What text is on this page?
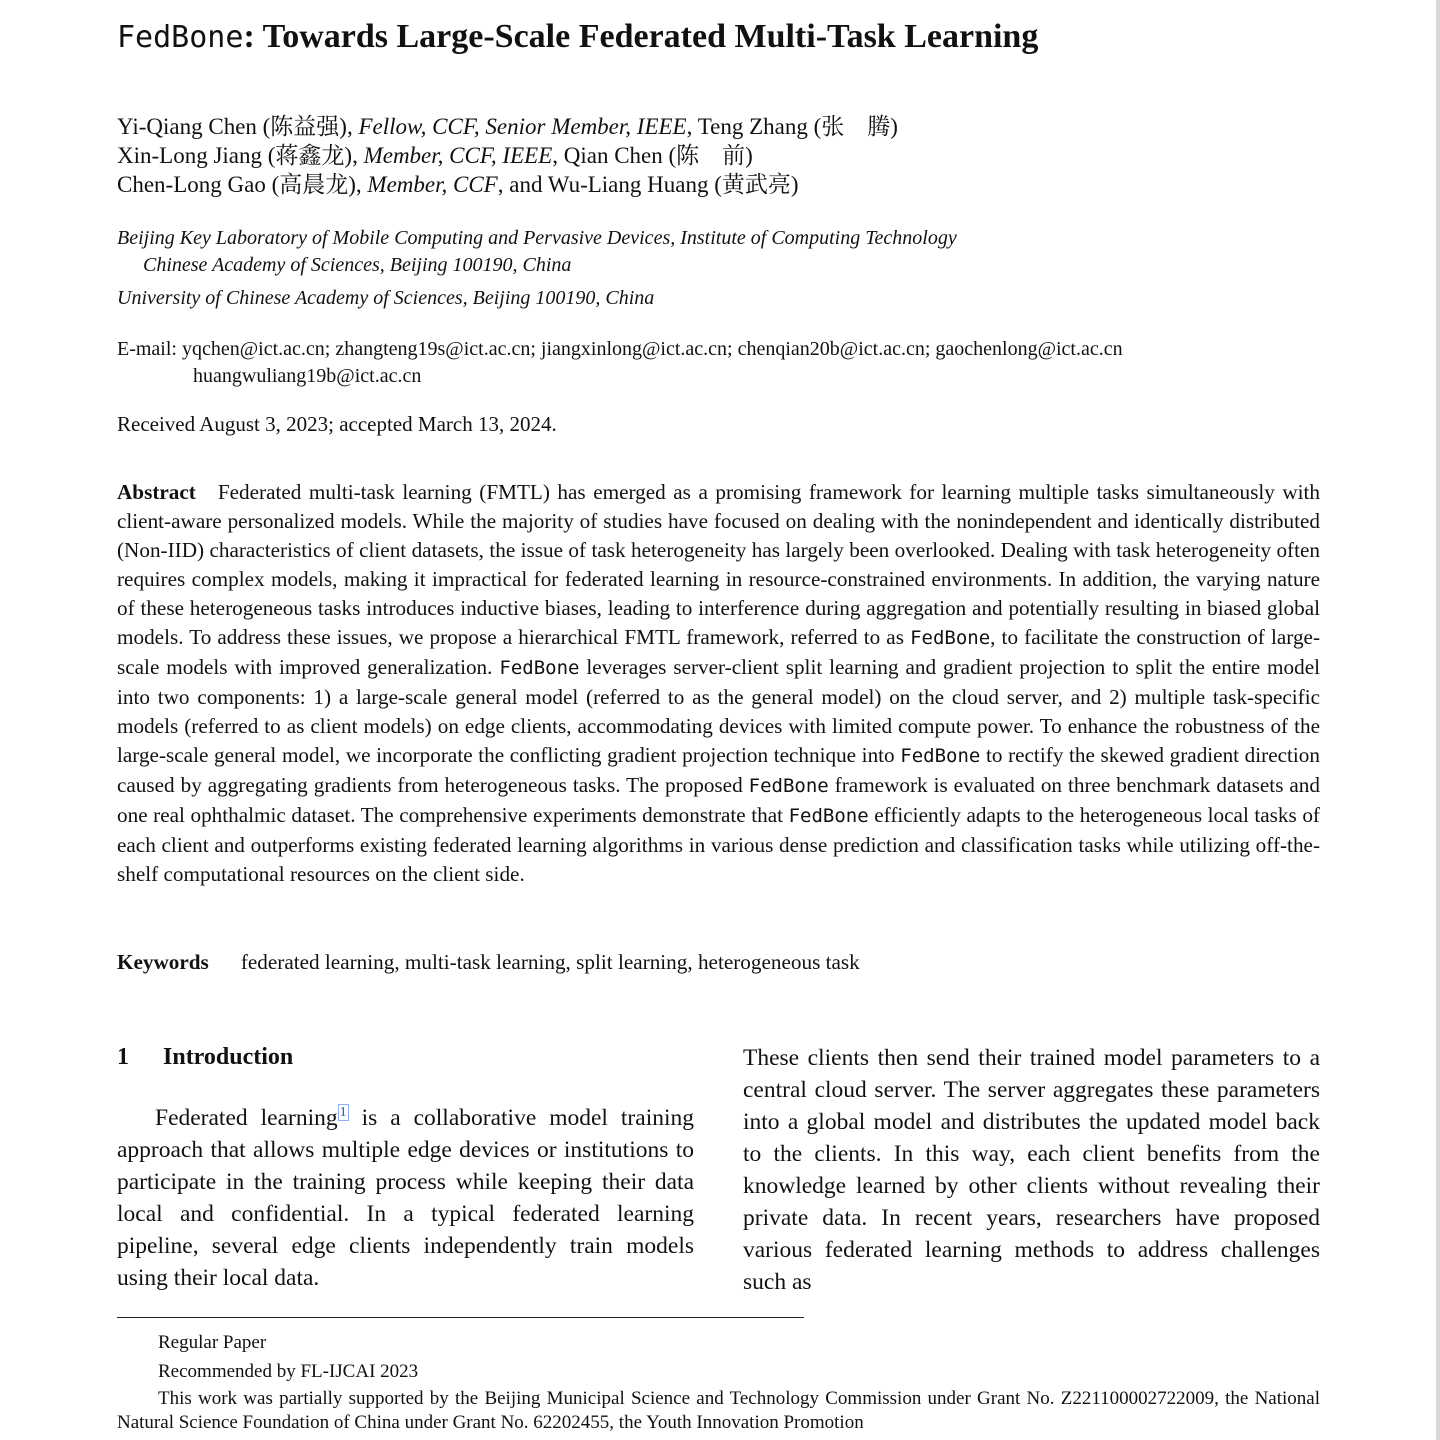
FedBone: Towards Large-Scale Federated Multi-Task Learning
Yi-Qiang Chen (陈益强), Fellow, CCF, Senior Member, IEEE, Teng Zhang (张　腾)
Xin-Long Jiang (蒋鑫龙), Member, CCF, IEEE, Qian Chen (陈　前)
Chen-Long Gao (高晨龙), Member, CCF, and Wu-Liang Huang (黄武亮)
Beijing Key Laboratory of Mobile Computing and Pervasive Devices, Institute of Computing Technology
Chinese Academy of Sciences, Beijing 100190, China
University of Chinese Academy of Sciences, Beijing 100190, China
E-mail: yqchen@ict.ac.cn; zhangteng19s@ict.ac.cn; jiangxinlong@ict.ac.cn; chenqian20b@ict.ac.cn; gaochenlong@ict.ac.cn
huangwuliang19b@ict.ac.cn
Received August 3, 2023; accepted March 13, 2024.
Abstract Federated multi-task learning (FMTL) has emerged as a promising framework for learning multiple tasks simultaneously with client-aware personalized models. While the majority of studies have focused on dealing with the nonindependent and identically distributed (Non-IID) characteristics of client datasets, the issue of task heterogeneity has largely been overlooked. Dealing with task heterogeneity often requires complex models, making it impractical for federated learning in resource-constrained environments. In addition, the varying nature of these heterogeneous tasks introduces inductive biases, leading to interference during aggregation and potentially resulting in biased global models. To address these issues, we propose a hierarchical FMTL framework, referred to as FedBone, to facilitate the construction of large-scale models with improved generalization. FedBone leverages server-client split learning and gradient projection to split the entire model into two components: 1) a large-scale general model (referred to as the general model) on the cloud server, and 2) multiple task-specific models (referred to as client models) on edge clients, accommodating devices with limited compute power. To enhance the robustness of the large-scale general model, we incorporate the conflicting gradient projection technique into FedBone to rectify the skewed gradient direction caused by aggregating gradients from heterogeneous tasks. The proposed FedBone framework is evaluated on three benchmark datasets and one real ophthalmic dataset. The comprehensive experiments demonstrate that FedBone efficiently adapts to the heterogeneous local tasks of each client and outperforms existing federated learning algorithms in various dense prediction and classification tasks while utilizing off-the-shelf computational resources on the client side.
Keywords federated learning, multi-task learning, split learning, heterogeneous task
1 Introduction
Federated learning $^1$ is a collaborative model training approach that allows multiple edge devices or institutions to participate in the training process while keeping their data local and confidential. In a typical federated learning pipeline, several edge clients independently train models using their local data.
These clients then send their trained model parameters to a central cloud server. The server aggregates these parameters into a global model and distributes the updated model back to the clients. In this way, each client benefits from the knowledge learned by other clients without revealing their private data. In recent years, researchers have proposed various federated learning methods to address challenges such as
Regular Paper
Recommended by FL-IJCAI 2023
This work was partially supported by the Beijing Municipal Science and Technology Commission under Grant No. Z221100002722009, the National Natural Science Foundation of China under Grant No. 62202455, the Youth Innovation Promotion
